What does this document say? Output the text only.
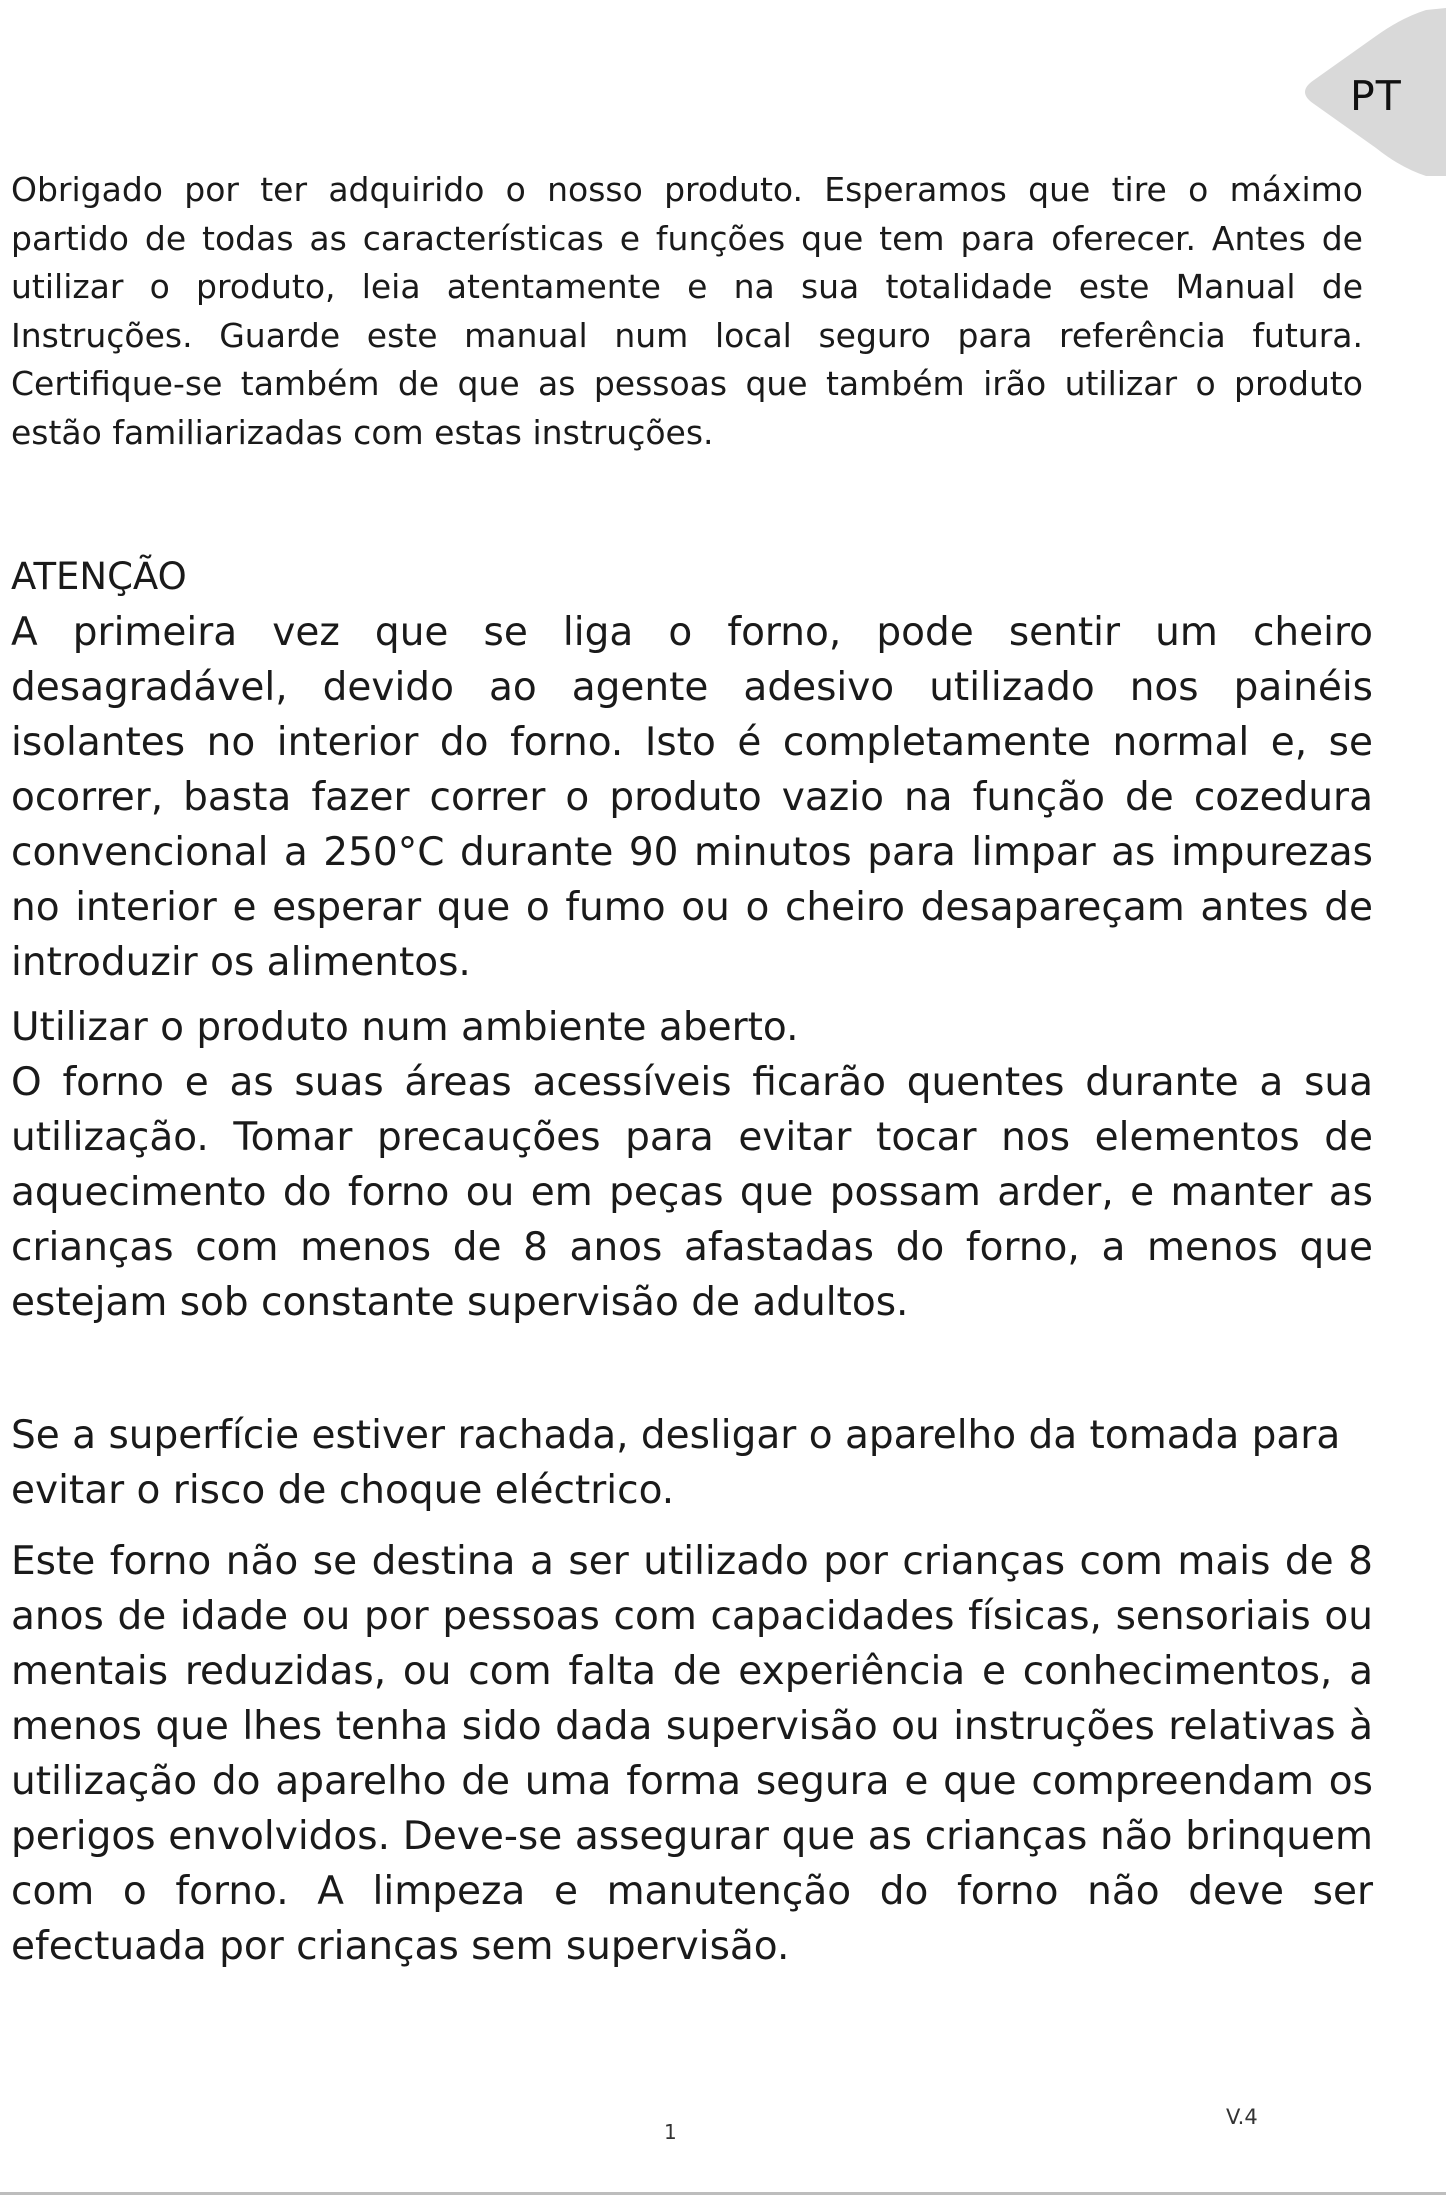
PT

Obrigado por ter adquirido o nosso produto. Esperamos que tire o máximo partido de todas as características e funções que tem para oferecer. Antes de utilizar o produto, leia atentamente e na sua totalidade este Manual de Instruções. Guarde este manual num local seguro para referência futura. Certifique-se também de que as pessoas que também irão utilizar o produto estão familiarizadas com estas instruções.

ATENÇÃO

A primeira vez que se liga o forno, pode sentir um cheiro desagradável, devido ao agente adesivo utilizado nos painéis isolantes no interior do forno. Isto é completamente normal e, se ocorrer, basta fazer correr o produto vazio na função de cozedura convencional a 250°C durante 90 minutos para limpar as impurezas no interior e esperar que o fumo ou o cheiro desapareçam antes de introduzir os alimentos.

Utilizar o produto num ambiente aberto.

O forno e as suas áreas acessíveis ficarão quentes durante a sua utilização. Tomar precauções para evitar tocar nos elementos de aquecimento do forno ou em peças que possam arder, e manter as crianças com menos de 8 anos afastadas do forno, a menos que estejam sob constante supervisão de adultos.

Se a superfície estiver rachada, desligar o aparelho da tomada para evitar o risco de choque eléctrico.

Este forno não se destina a ser utilizado por crianças com mais de 8 anos de idade ou por pessoas com capacidades físicas, sensoriais ou mentais reduzidas, ou com falta de experiência e conhecimentos, a menos que lhes tenha sido dada supervisão ou instruções relativas à utilização do aparelho de uma forma segura e que compreendam os perigos envolvidos. Deve-se assegurar que as crianças não brinquem com o forno. A limpeza e manutenção do forno não deve ser efectuada por crianças sem supervisão.

1
V.4
